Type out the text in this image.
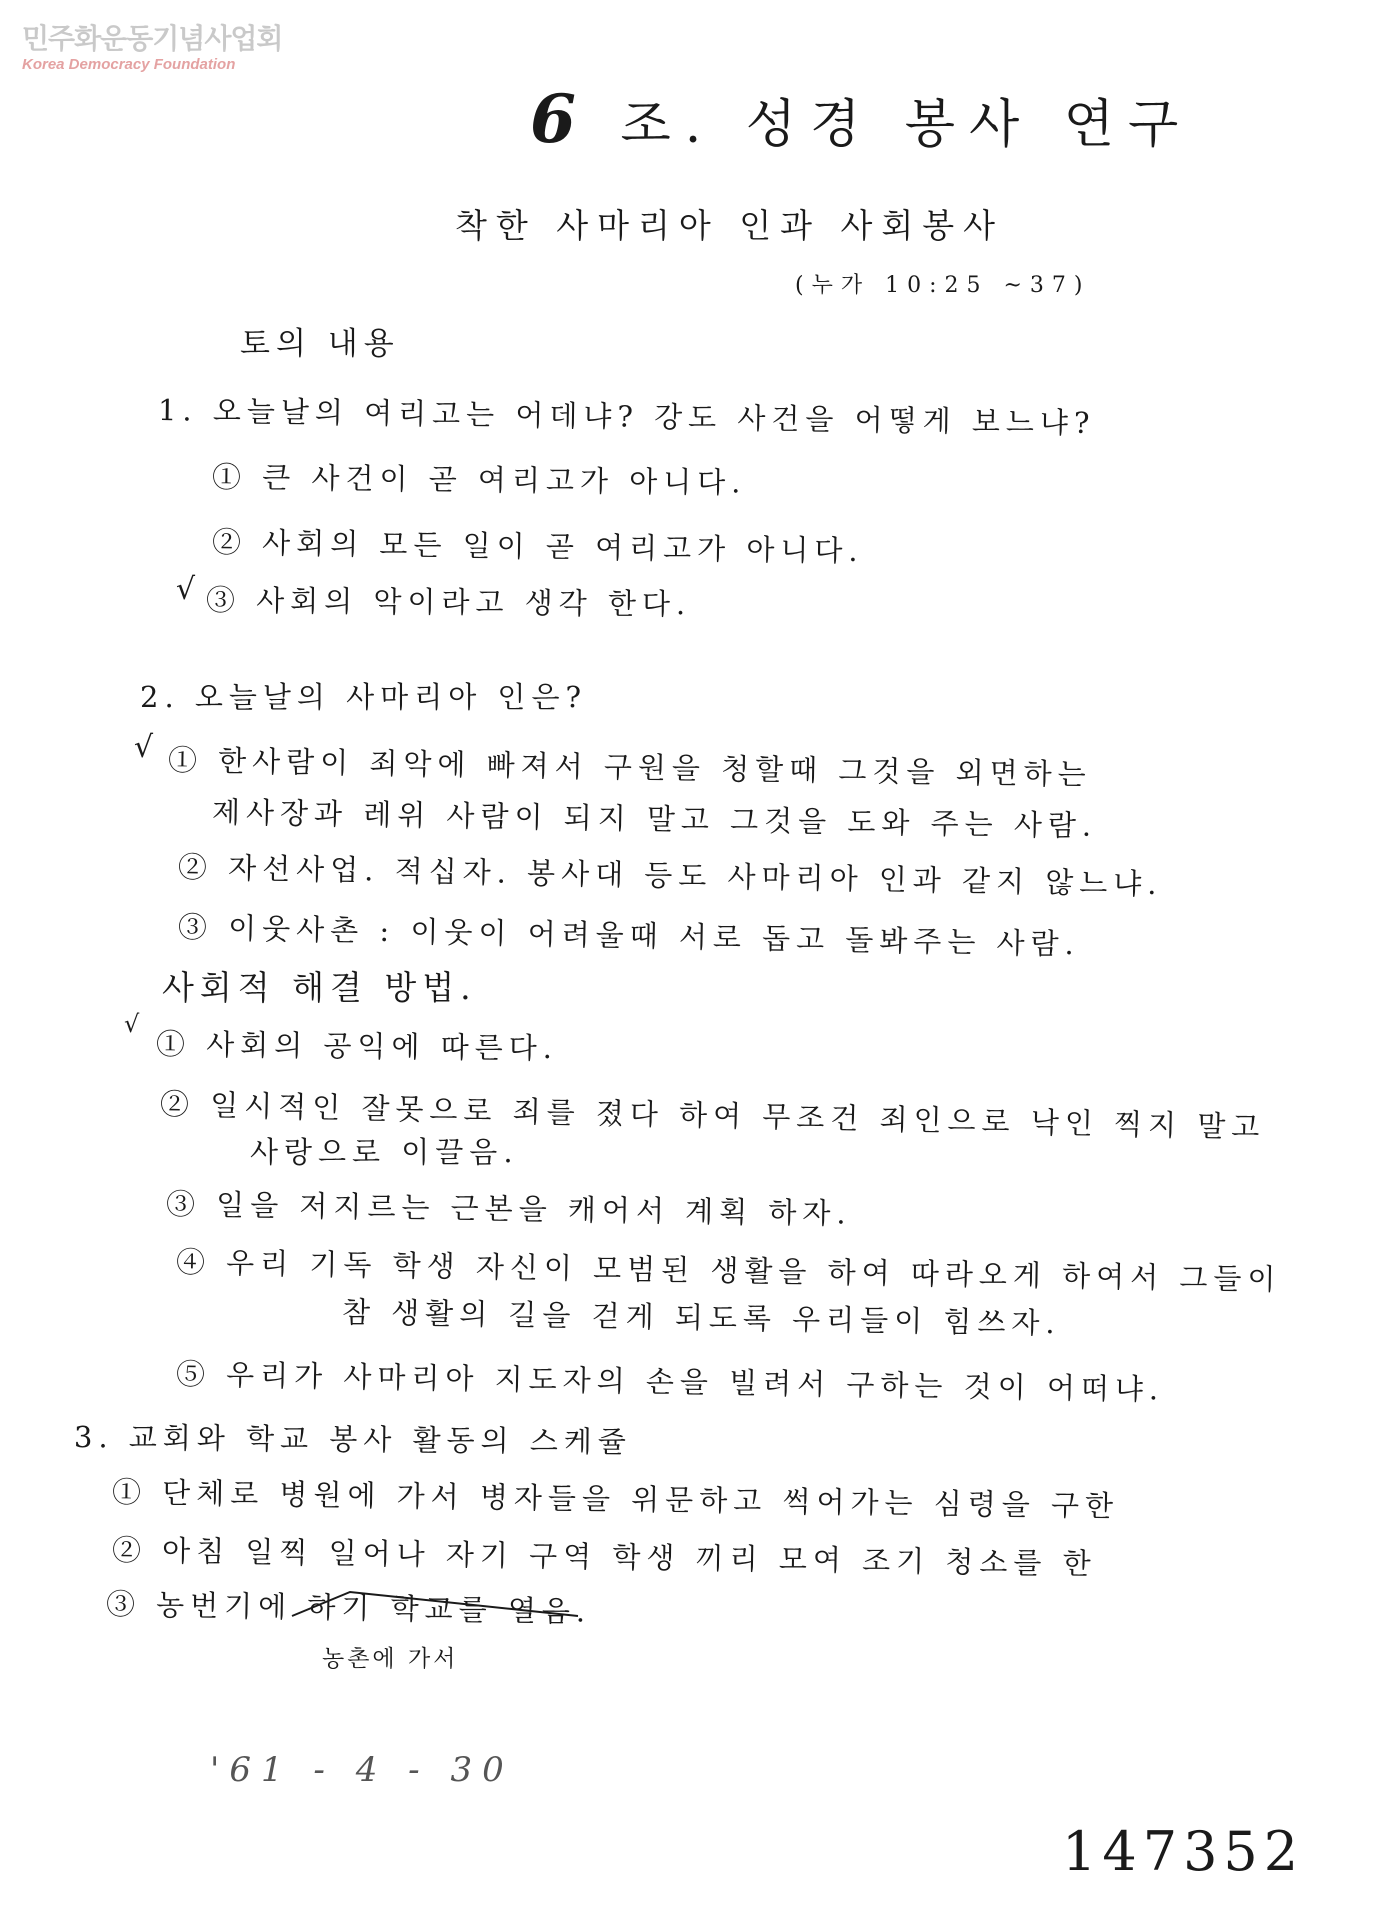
민주화운동기념사업회
Korea Democracy Foundation
6 조. 성경 봉사 연구
착한 사마리아 인과 사회봉사
(누가 10:25 ~37)
토의 내용
√
√
√
1. 오늘날의 여리고는 어데냐? 강도 사건을 어떻게 보느냐?
① 큰 사건이 곧 여리고가 아니다.
② 사회의 모든 일이 곧 여리고가 아니다.
③ 사회의 악이라고 생각 한다.
2. 오늘날의 사마리아 인은?
① 한사람이 죄악에 빠져서 구원을 청할때 그것을 외면하는
제사장과 레위 사람이 되지 말고 그것을 도와 주는 사람.
② 자선사업. 적십자. 봉사대 등도 사마리아 인과 같지 않느냐.
③ 이웃사촌 : 이웃이 어려울때 서로 돕고 돌봐주는 사람.
사회적 해결 방법.
① 사회의 공익에 따른다.
② 일시적인 잘못으로 죄를 졌다 하여 무조건 죄인으로 낙인 찍지 말고
사랑으로 이끌음.
③ 일을 저지르는 근본을 캐어서 계획 하자.
④ 우리 기독 학생 자신이 모범된 생활을 하여 따라오게 하여서 그들이
참 생활의 길을 걷게 되도록 우리들이 힘쓰자.
⑤ 우리가 사마리아 지도자의 손을 빌려서 구하는 것이 어떠냐.
3. 교회와 학교 봉사 활동의 스케쥴
① 단체로 병원에 가서 병자들을 위문하고 썩어가는 심령을 구한
② 아침 일찍 일어나 자기 구역 학생 끼리 모여 조기 청소를 한
③ 농번기에 하기 학교를 열음.
농촌에 가서
'61 - 4 - 30
147352
